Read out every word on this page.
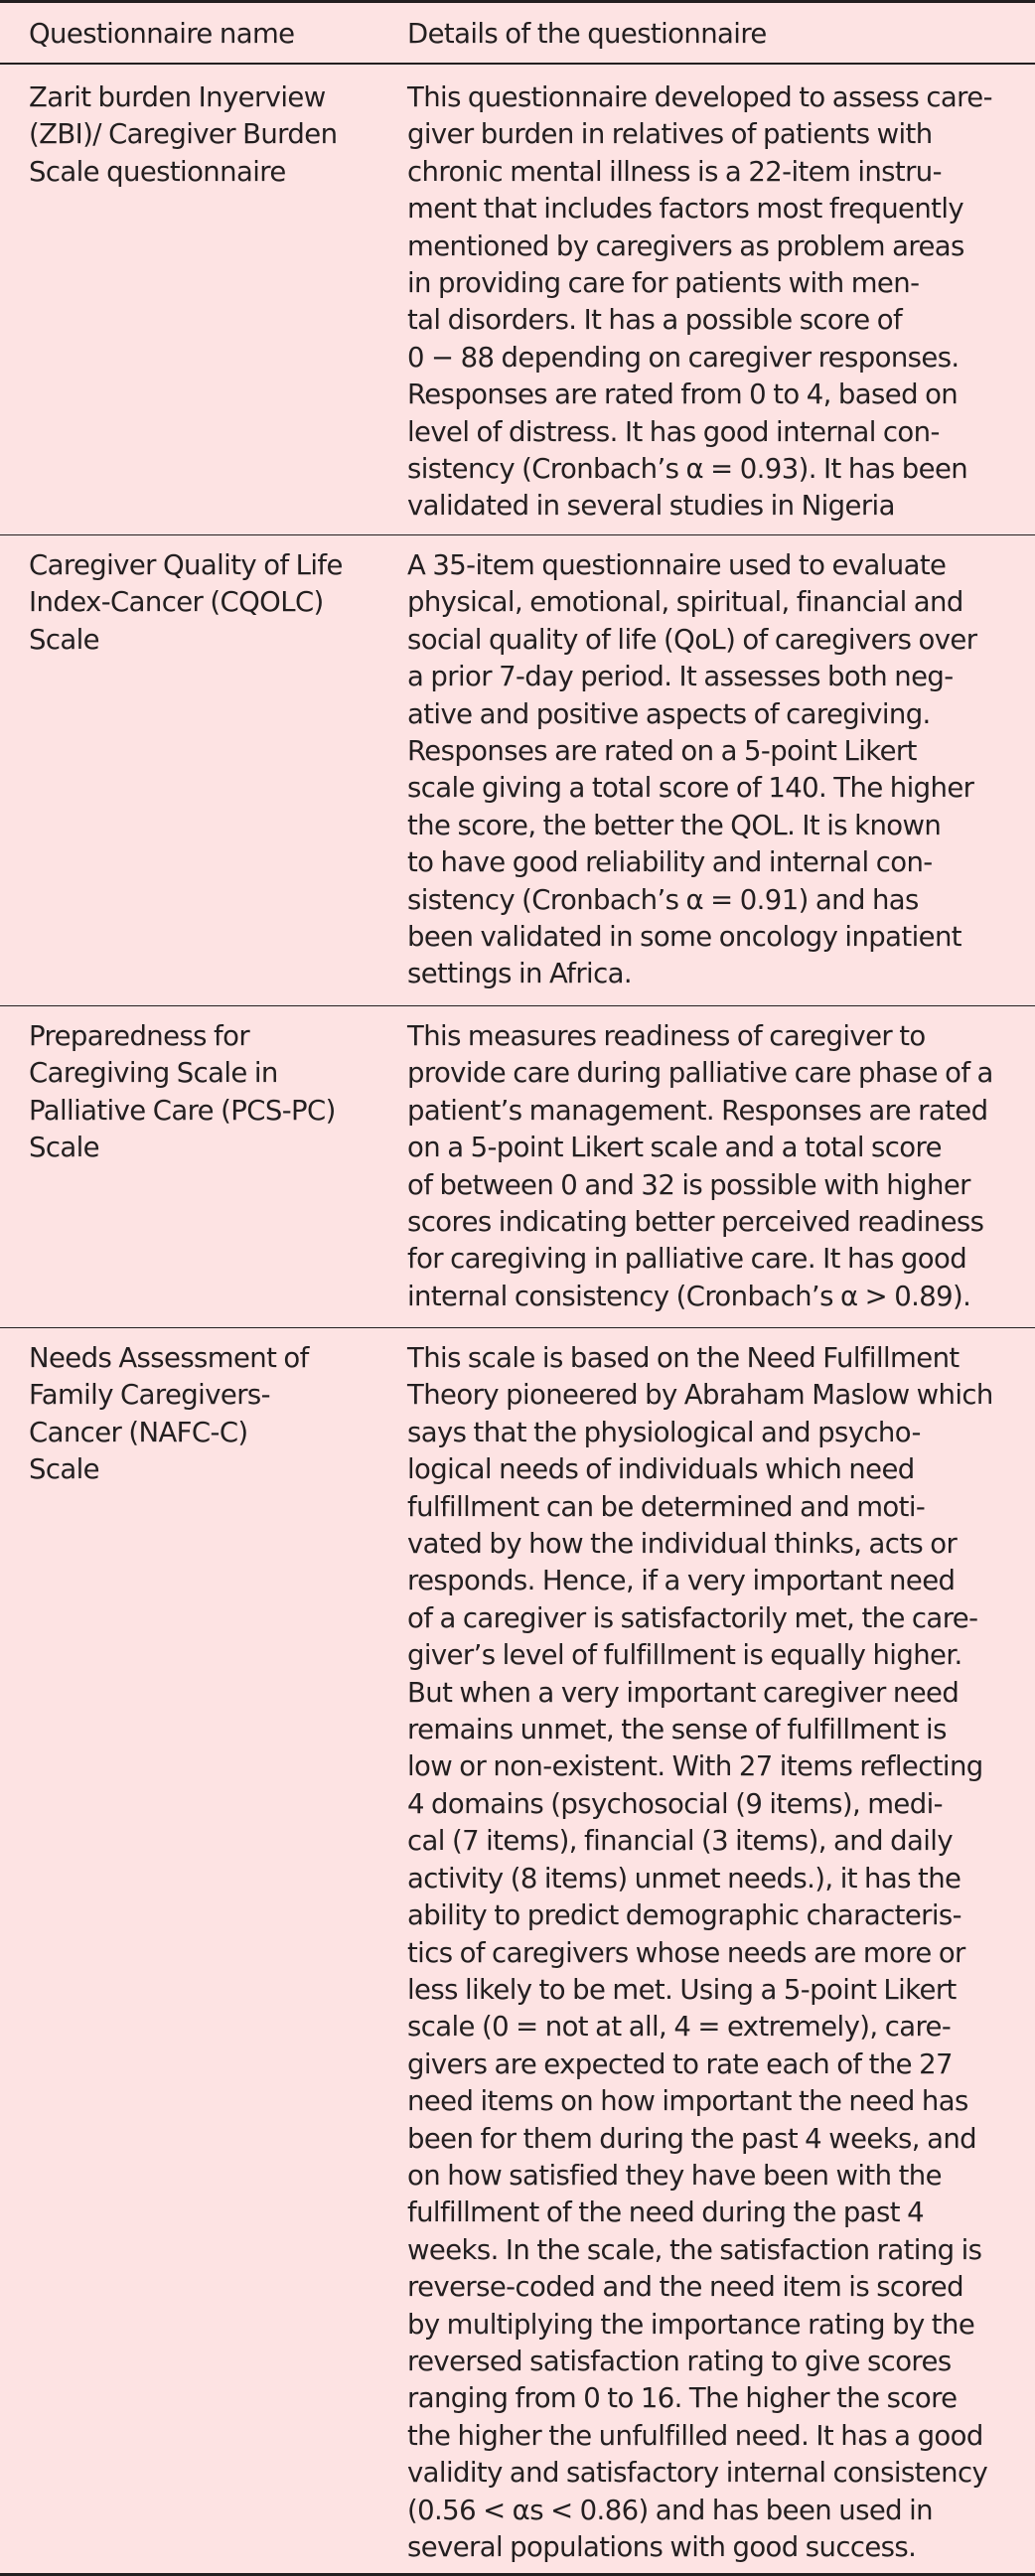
Questionnaire name	Details of the questionnaire
Zarit burden Inyerview
(ZBI)/ Caregiver Burden
Scale questionnaire
This questionnaire developed to assess care-
giver burden in relatives of patients with
chronic mental illness is a 22-item instru-
ment that includes factors most frequently
mentioned by caregivers as problem areas
in providing care for patients with men-
tal disorders. It has a possible score of
0 − 88 depending on caregiver responses.
Responses are rated from 0 to 4, based on
level of distress. It has good internal con-
sistency (Cronbach’s α = 0.93). It has been
validated in several studies in Nigeria
Caregiver Quality of Life
Index-Cancer (CQOLC)
Scale
A 35-item questionnaire used to evaluate
physical, emotional, spiritual, financial and
social quality of life (QoL) of caregivers over
a prior 7-day period. It assesses both neg-
ative and positive aspects of caregiving.
Responses are rated on a 5-point Likert
scale giving a total score of 140. The higher
the score, the better the QOL. It is known
to have good reliability and internal con-
sistency (Cronbach’s α = 0.91) and has
been validated in some oncology inpatient
settings in Africa.
Preparedness for
Caregiving Scale in
Palliative Care (PCS-PC)
Scale
This measures readiness of caregiver to
provide care during palliative care phase of a
patient’s management. Responses are rated
on a 5-point Likert scale and a total score
of between 0 and 32 is possible with higher
scores indicating better perceived readiness
for caregiving in palliative care. It has good
internal consistency (Cronbach’s α > 0.89).
Needs Assessment of
Family Caregivers-
Cancer (NAFC-C)
Scale
This scale is based on the Need Fulfillment
Theory pioneered by Abraham Maslow which
says that the physiological and psycho-
logical needs of individuals which need
fulfillment can be determined and moti-
vated by how the individual thinks, acts or
responds. Hence, if a very important need
of a caregiver is satisfactorily met, the care-
giver’s level of fulfillment is equally higher.
But when a very important caregiver need
remains unmet, the sense of fulfillment is
low or non-existent. With 27 items reflecting
4 domains (psychosocial (9 items), medi-
cal (7 items), financial (3 items), and daily
activity (8 items) unmet needs.), it has the
ability to predict demographic characteris-
tics of caregivers whose needs are more or
less likely to be met. Using a 5-point Likert
scale (0 = not at all, 4 = extremely), care-
givers are expected to rate each of the 27
need items on how important the need has
been for them during the past 4 weeks, and
on how satisfied they have been with the
fulfillment of the need during the past 4
weeks. In the scale, the satisfaction rating is
reverse-coded and the need item is scored
by multiplying the importance rating by the
reversed satisfaction rating to give scores
ranging from 0 to 16. The higher the score
the higher the unfulfilled need. It has a good
validity and satisfactory internal consistency
(0.56 < αs < 0.86) and has been used in
several populations with good success.
